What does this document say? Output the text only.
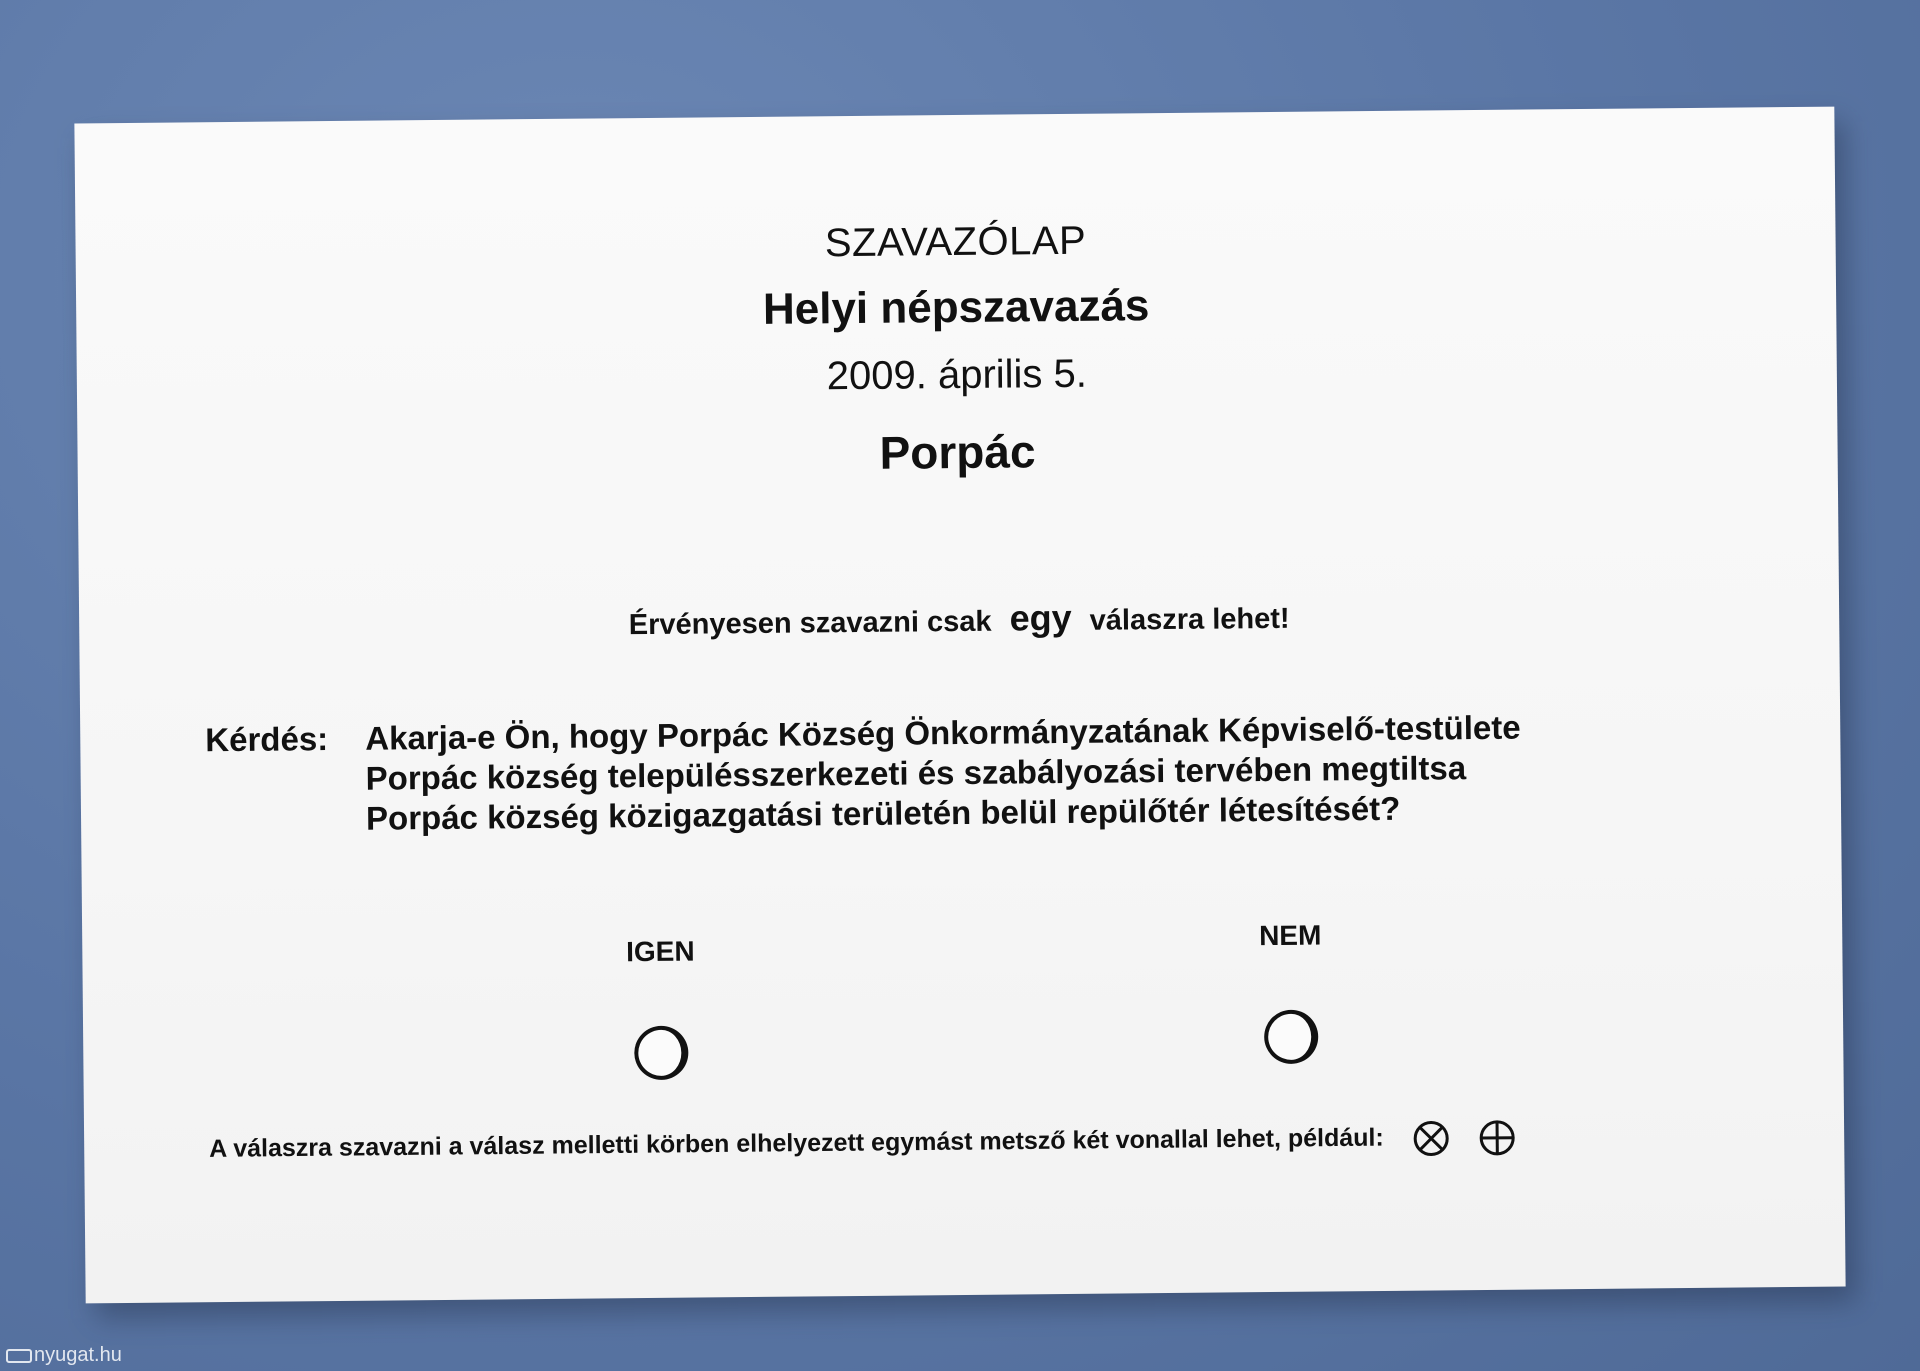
SZAVAZÓLAP
Helyi népszavazás
2009. április 5.
Porpác
Érvényesen szavazni csak egy válaszra lehet!
Kérdés: Akarja-e Ön, hogy Porpác Község Önkormányzatának Képviselő-testülete
Porpác község településszerkezeti és szabályozási tervében megtiltsa
Porpác község közigazgatási területén belül repülőtér létesítését?
IGEN
NEM
A válaszra szavazni a válasz melletti körben elhelyezett egymást metsző két vonallal lehet, például:
nyugat.hu
